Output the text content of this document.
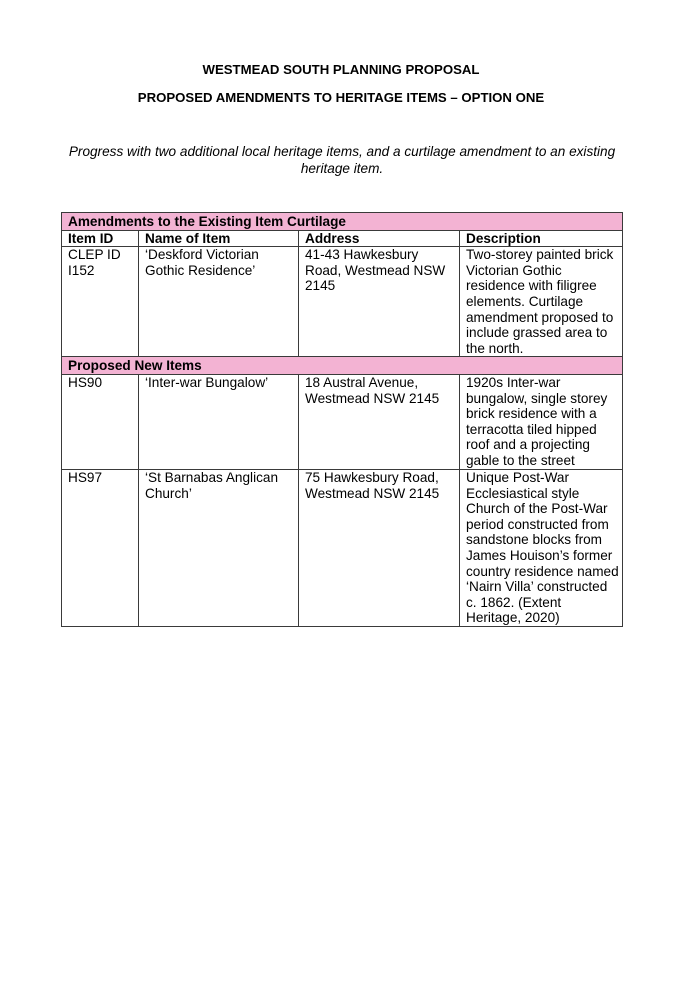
WESTMEAD SOUTH PLANNING PROPOSAL
PROPOSED AMENDMENTS TO HERITAGE ITEMS – OPTION ONE
Progress with two additional local heritage items, and a curtilage amendment to an existing heritage item.
Amendments to the Existing Item Curtilage			
Item ID	Name of Item	Address	Description
CLEP ID I152	‘Deskford Victorian Gothic Residence’	41-43 Hawkesbury Road, Westmead NSW 2145	Two-storey painted brick Victorian Gothic residence with filigree elements. Curtilage amendment proposed to include grassed area to the north.
Proposed New Items			
HS90	‘Inter-war Bungalow’	18 Austral Avenue, Westmead NSW 2145	1920s Inter-war bungalow, single storey brick residence with a terracotta tiled hipped roof and a projecting gable to the street
HS97	‘St Barnabas Anglican Church’	75 Hawkesbury Road, Westmead NSW 2145	Unique Post-War Ecclesiastical style Church of the Post-War period constructed from sandstone blocks from James Houison’s former country residence named ‘Nairn Villa’ constructed c. 1862. (Extent Heritage, 2020)
